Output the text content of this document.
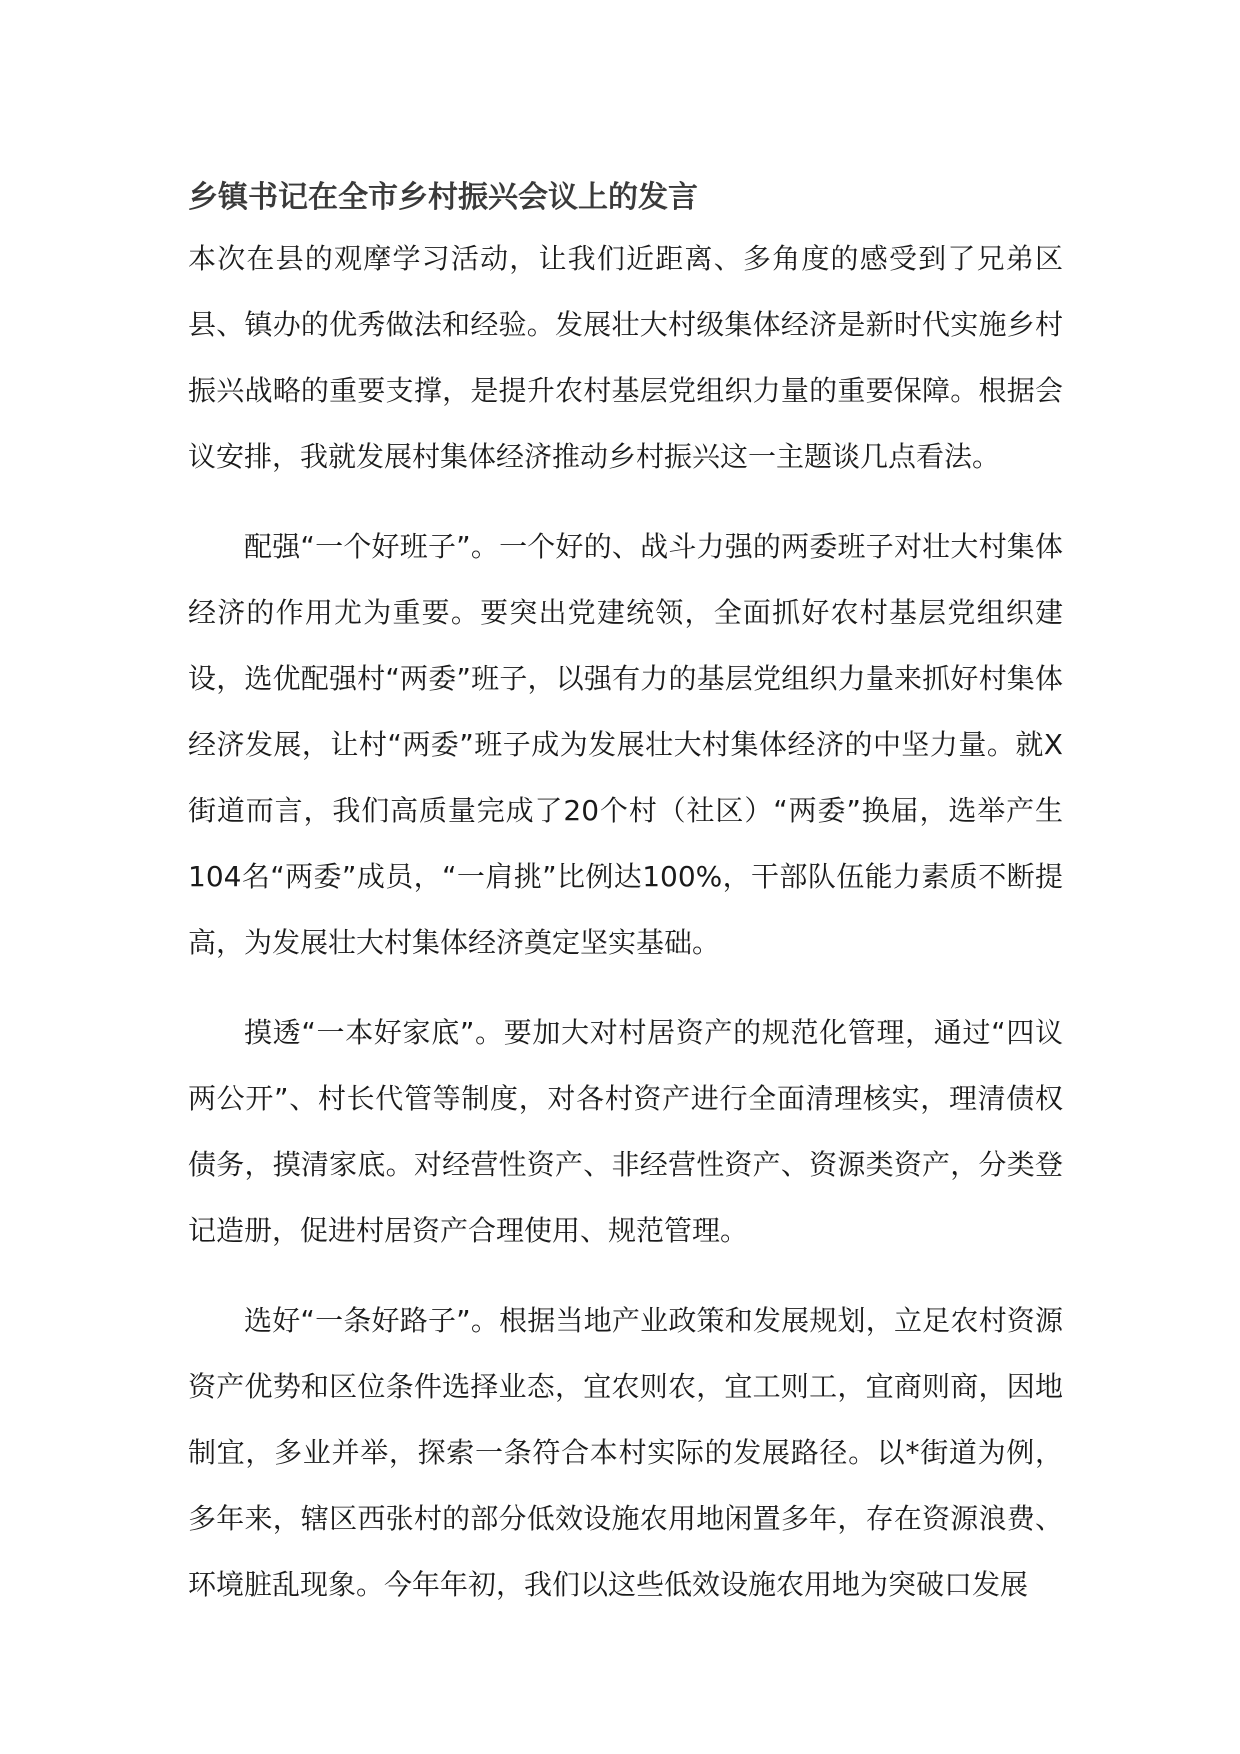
乡镇书记在全市乡村振兴会议上的发言

本次在县的观摩学习活动，让我们近距离、多角度的感受到了兄弟区县、镇办的优秀做法和经验。发展壮大村级集体经济是新时代实施乡村振兴战略的重要支撑，是提升农村基层党组织力量的重要保障。根据会议安排，我就发展村集体经济推动乡村振兴这一主题谈几点看法。

配强“一个好班子”。一个好的、战斗力强的两委班子对壮大村集体经济的作用尤为重要。要突出党建统领，全面抓好农村基层党组织建设，选优配强村“两委”班子，以强有力的基层党组织力量来抓好村集体经济发展，让村“两委”班子成为发展壮大村集体经济的中坚力量。就X街道而言，我们高质量完成了20个村（社区）“两委”换届，选举产生104名“两委”成员，“一肩挑”比例达100%，干部队伍能力素质不断提高，为发展壮大村集体经济奠定坚实基础。

摸透“一本好家底”。要加大对村居资产的规范化管理，通过“四议两公开”、村长代管等制度，对各村资产进行全面清理核实，理清债权债务，摸清家底。对经营性资产、非经营性资产、资源类资产，分类登记造册，促进村居资产合理使用、规范管理。

选好“一条好路子”。根据当地产业政策和发展规划，立足农村资源资产优势和区位条件选择业态，宜农则农，宜工则工，宜商则商，因地制宜，多业并举，探索一条符合本村实际的发展路径。以*街道为例，多年来，辖区西张村的部分低效设施农用地闲置多年，存在资源浪费、环境脏乱现象。今年年初，我们以这些低效设施农用地为突破口发展
